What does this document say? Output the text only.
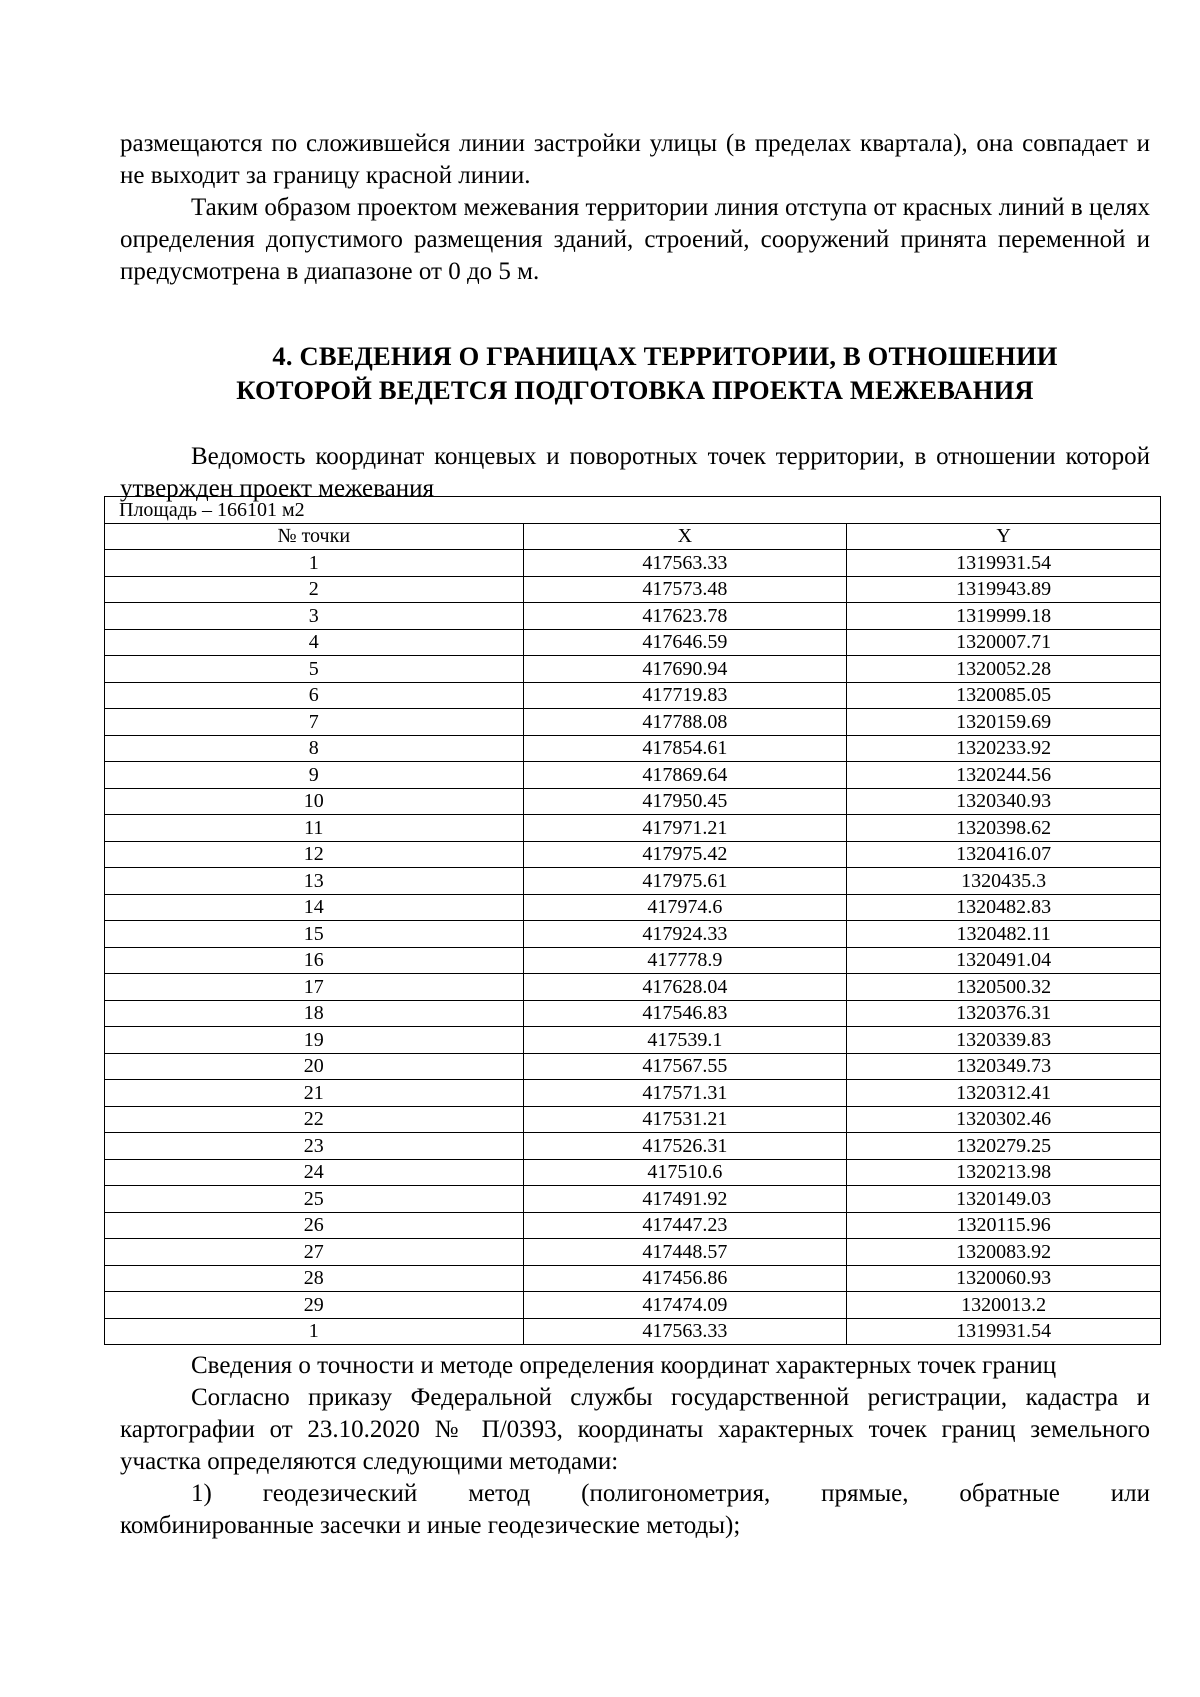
размещаются по сложившейся линии застройки улицы (в пределах квартала), она совпадает и не выходит за границу красной линии.

Таким образом проектом межевания территории линия отступа от красных линий в целях определения допустимого размещения зданий, строений, сооружений принята переменной и предусмотрена в диапазоне от 0 до 5 м.

4. СВЕДЕНИЯ О ГРАНИЦАХ ТЕРРИТОРИИ, В ОТНОШЕНИИ
КОТОРОЙ ВЕДЕТСЯ ПОДГОТОВКА ПРОЕКТА МЕЖЕВАНИЯ

Ведомость координат концевых и поворотных точек территории, в отношении которой утвержден проект межевания

Площадь – 166101 м2		
№ точки	X	Y
1	417563.33	1319931.54
2	417573.48	1319943.89
3	417623.78	1319999.18
4	417646.59	1320007.71
5	417690.94	1320052.28
6	417719.83	1320085.05
7	417788.08	1320159.69
8	417854.61	1320233.92
9	417869.64	1320244.56
10	417950.45	1320340.93
11	417971.21	1320398.62
12	417975.42	1320416.07
13	417975.61	1320435.3
14	417974.6	1320482.83
15	417924.33	1320482.11
16	417778.9	1320491.04
17	417628.04	1320500.32
18	417546.83	1320376.31
19	417539.1	1320339.83
20	417567.55	1320349.73
21	417571.31	1320312.41
22	417531.21	1320302.46
23	417526.31	1320279.25
24	417510.6	1320213.98
25	417491.92	1320149.03
26	417447.23	1320115.96
27	417448.57	1320083.92
28	417456.86	1320060.93
29	417474.09	1320013.2
1	417563.33	1319931.54

Сведения о точности и методе определения координат характерных точек границ

Согласно приказу Федеральной службы государственной регистрации, кадастра и картографии от 23.10.2020 № П/0393, координаты характерных точек границ земельного участка определяются следующими методами:

1) геодезический метод (полигонометрия, прямые, обратные или
комбинированные засечки и иные геодезические методы);
